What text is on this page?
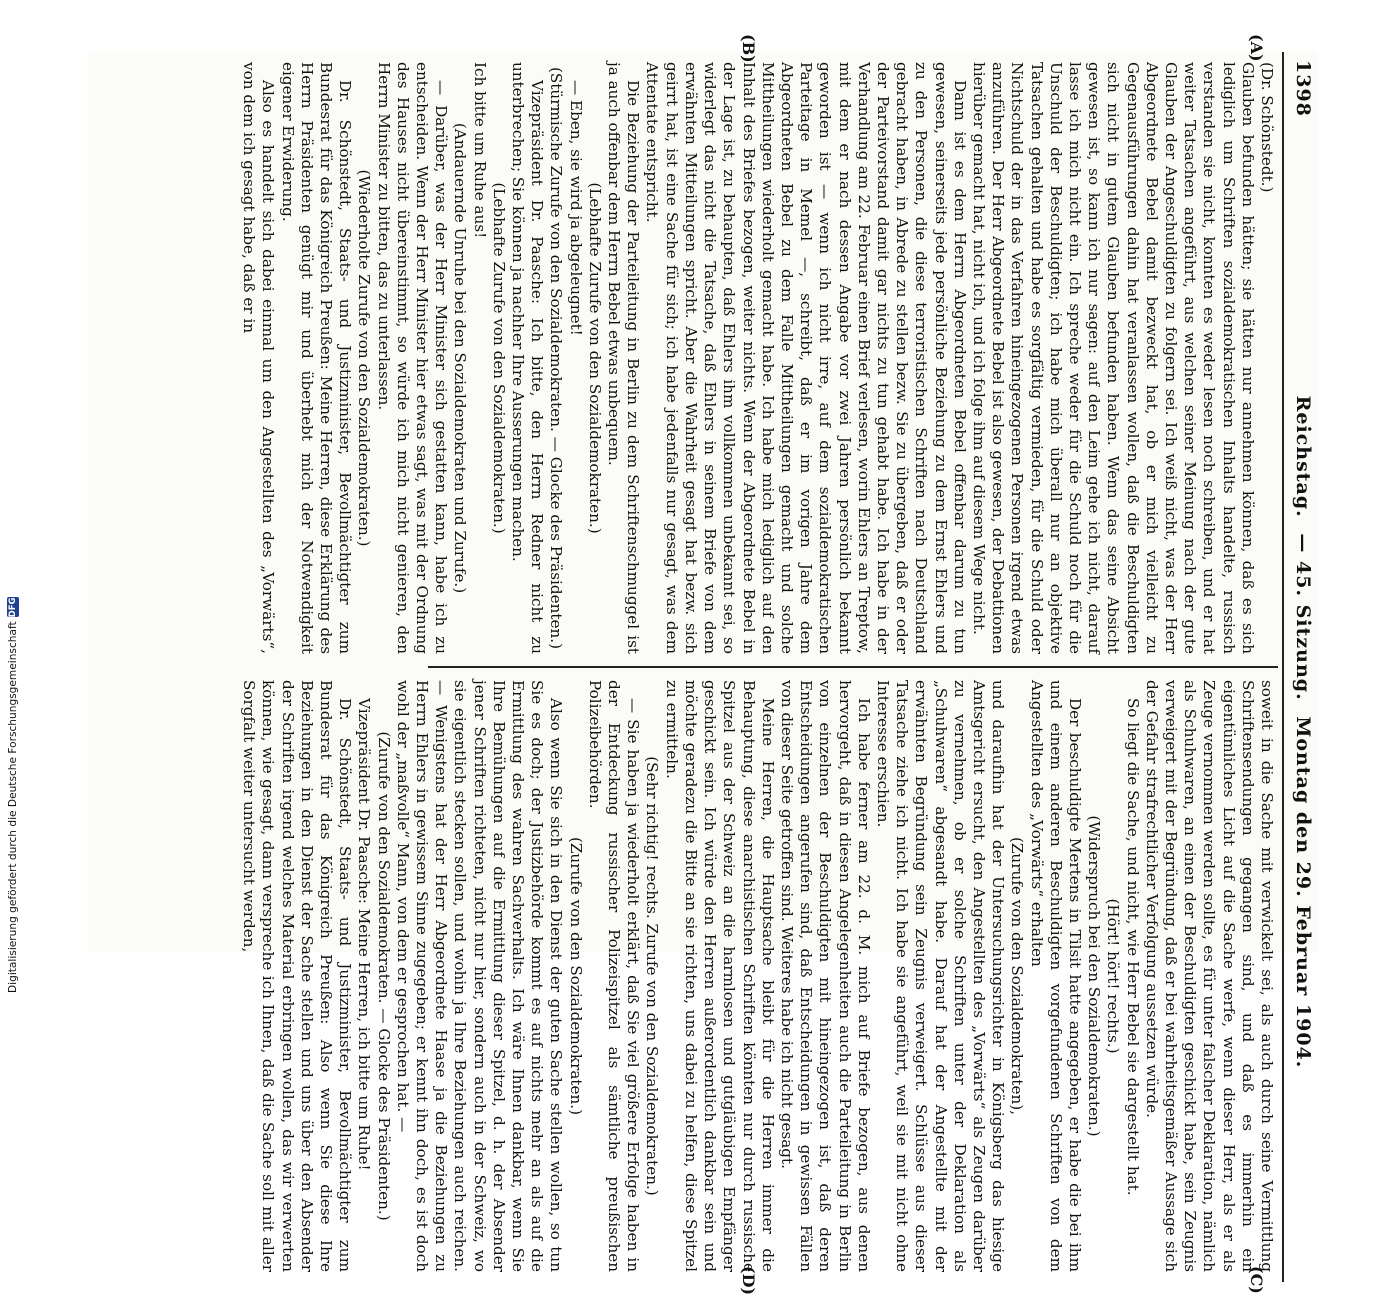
1398
Reichstag. — 45. Sitzung. Montag den 29. Februar 1904.
(A)
(B)
(C)
(D)

(Dr. Schönstedt.)

Glauben befunden hätten; sie hätten nur annehmen können, daß es sich lediglich um Schriften sozialdemokratischen Inhalts handelte, russisch verstanden sie nicht, konnten es weder lesen noch schreiben, und er hat weiter Tatsachen angeführt, aus welchen seiner Meinung nach der gute Glauben der Angeschuldigten zu folgern sei. Ich weiß nicht, was der Herr Abgeordnete Bebel damit bezweckt hat, ob er mich vielleicht zu Gegenausführungen dahin hat veranlassen wollen, daß die Beschuldigten sich nicht in gutem Glauben befunden haben. Wenn das seine Absicht gewesen ist, so kann ich nur sagen: auf den Leim gehe ich nicht, darauf lasse ich mich nicht ein. Ich spreche weder für die Schuld noch für die Unschuld der Beschuldigten; ich habe mich überall nur an objektive Tatsachen gehalten und habe es sorgfältig vermieden, für die Schuld oder Nichtschuld der in das Verfahren hineingezogenen Personen irgend etwas anzuführen. Der Herr Abgeordnete Bebel ist also gewesen, der Debattionen hierüber gemacht hat, nicht ich, und ich folge ihm auf diesem Wege nicht.

Dann ist es dem Herrn Abgeordneten Bebel offenbar darum zu tun gewesen, seinerseits jede persönliche Beziehung zu dem Ernst Ehlers und zu den Personen, die diese terroristischen Schriften nach Deutschland gebracht haben, in Abrede zu stellen bezw. Sie zu übergeben, daß er oder der Parteivorstand damit gar nichts zu tun gehabt habe. Ich habe in der Verhandlung am 22. Februar einen Brief verlesen, worin Ehlers an Treptow, mit dem er nach dessen Angabe vor zwei Jahren persönlich bekannt geworden ist — wenn ich nicht irre, auf dem sozialdemokratischen Parteitage in Memel —, schreibt, daß er im vorigen Jahre dem Abgeordneten Bebel zu dem Falle Mittheilungen gemacht und solche Mittheilungen wiederholt gemacht habe. Ich habe mich lediglich auf den Inhalt des Briefes bezogen, weiter nichts. Wenn der Abgeordnete Bebel in der Lage ist, zu behaupten, daß Ehlers ihm vollkommen unbekannt sei, so widerlegt das nicht die Tatsache, daß Ehlers in seinem Briefe von dem erwähnten Mitteilungen spricht. Aber die Wahrheit gesagt hat bezw. sich geirrt hat, ist eine Sache für sich; ich habe jedenfalls nur gesagt, was dem Attentate entspricht.

Die Beziehung der Parteileitung in Berlin zu dem Schriftenschmuggel ist ja auch offenbar dem Herrn Bebel etwas unbequem.

(Lebhafte Zurufe von den Sozialdemokraten.)

— Eben, sie wird ja abgeleugnet!

(Stürmische Zurufe von den Sozialdemokraten. — Glocke des Präsidenten.)

Vizepräsident Dr. Paasche: Ich bitte, den Herrn Redner nicht zu unterbrechen; Sie können ja nachher Ihre Ausserungen machen.

(Lebhafte Zurufe von den Sozialdemokraten.)

Ich bitte um Ruhe aus!

(Andauernde Unruhe bei den Sozialdemokraten und Zurufe.)

— Darüber, was der Herr Minister sich gestatten kann, habe ich zu entscheiden. Wenn der Herr Minister hier etwas sagt, was mit der Ordnung des Hauses nicht übereinstimmt, so würde ich mich nicht genieren, den Herrn Minister zu bitten, das zu unterlassen.

(Wiederholte Zurufe von den Sozialdemokraten.)

Dr. Schönstedt, Staats- und Justizminister, Bevollmächtigter zum Bundesrat für das Königreich Preußen: Meine Herren, diese Erklärung des Herrn Präsidenten genügt mir und überhebt mich der Notwendigkeit eigener Erwiderung.

Also es handelt sich dabei einmal um den Angestellten des „Vorwärts“, von dem ich gesagt habe, daß er in

soweit in die Sache mit verwickelt sei, als auch durch seine Vermittlung Schriftensendungen gegangen sind, und daß es immerhin ein eigentümliches Licht auf die Sache werfe, wenn dieser Herr, als er als Zeuge vernommen werden sollte, es für unter falscher Deklaration, nämlich als Schuhwaren, an einen der Beschuldigten geschickt habe, sein Zeugnis verweigert mit der Begründung, daß er bei wahrheitsgemäßer Aussage sich der Gefahr strafrechtlicher Verfolgung aussetzen würde.

So liegt die Sache, und nicht, wie Herr Bebel sie dargestellt hat.

(Hört! hört! rechts.)

(Widerspruch bei den Sozialdemokraten.)

Der beschuldigte Mertens in Tilsit hatte angegeben, er habe die bei ihm und einem anderen Beschuldigten vorgefundenen Schriften von dem Angestellten des „Vorwärts“ erhalten

(Zurufe von den Sozialdemokraten),

und daraufhin hat der Untersuchungsrichter in Königsberg das hiesige Amtsgericht ersucht, den Angestellten des „Vorwärts“ als Zeugen darüber zu vernehmen, ob er solche Schriften unter der Deklaration als „Schuhwaren“ abgesandt habe. Darauf hat der Angestellte mit der erwähnten Begründung sein Zeugnis verweigert. Schlüsse aus dieser Tatsache ziehe ich nicht. Ich habe sie angeführt, weil sie mit nicht ohne Interesse erschien.

Ich habe ferner am 22. d. M. mich auf Briefe bezogen, aus denen hervorgeht, daß in diesen Angelegenheiten auch die Parteileitung in Berlin von einzelnen der Beschuldigten mit hineingezogen ist, daß deren Entscheidungen angerufen sind, daß Entscheidungen in gewissen Fällen von dieser Seite getroffen sind. Weiteres habe ich nicht gesagt.

Meine Herren, die Hauptsache bleibt für die Herren immer die Behauptung, diese anarchistischen Schriften könnten nur durch russische Spitzel aus der Schweiz an die harmlosen und gutgläubigen Empfänger geschickt sein. Ich würde den Herren außerordentlich dankbar sein und möchte geradezu die Bitte an sie richten, uns dabei zu helfen, diese Spitzel zu ermitteln.

(Sehr richtig! rechts. Zurufe von den Sozialdemokraten.)

— Sie haben ja wiederholt erklärt, daß Sie viel größere Erfolge haben in der Entdeckung russischer Polizeispitzel als sämtliche preußischen Polizeibehörden.

(Zurufe von den Sozialdemokraten.)

Also wenn Sie sich in den Dienst der guten Sache stellen wollen, so tun Sie es doch; der Justizbehörde kommt es auf nichts mehr an als auf die Ermittlung des wahren Sachverhalts. Ich wäre Ihnen dankbar, wenn Sie Ihre Bemühungen auf die Ermittlung dieser Spitzel, d. h. der Absender jener Schriften richteten, nicht nur hier, sondern auch in der Schweiz, wo sie eigentlich stecken sollen, und wohin ja Ihre Beziehungen auch reichen. — Wenigstens hat der Herr Abgeordnete Haase ja die Beziehungen zu Herrn Ehlers in gewissem Sinne zugegeben; er kennt ihn doch, es ist doch wohl der „maßvolle“ Mann, von dem er gesprochen hat. —

(Zurufe von den Sozialdemokraten. — Glocke des Präsidenten.)

Vizepräsident Dr. Paasche: Meine Herren, ich bitte um Ruhe!

Dr. Schönstedt, Staats- und Justizminister, Bevollmächtigter zum Bundesrat für das Königreich Preußen: Also wenn Sie diese Ihre Beziehungen in den Dienst der Sache stellen und uns über den Absender der Schriften irgend welches Material erbringen wollen, das wir verwerten können, wie gesagt, dann verspreche ich Ihnen, daß die Sache soll mit aller Sorgfalt weiter untersucht werden,

Digitalisierung gefördert durch die Deutsche Forschungsgemeinschaft
DFG
